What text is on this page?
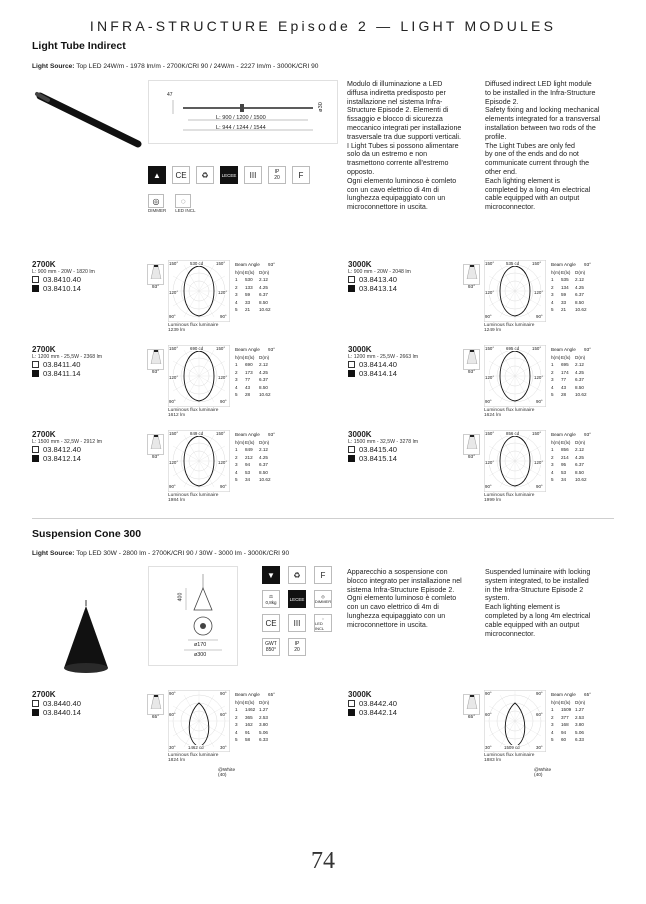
INFRA-STRUCTURE Episode 2 — LIGHT MODULES
Light Tube Indirect
Light Source: Top LED 24W/m - 1978 lm/m - 2700K/CRI 90 / 24W/m - 2227 lm/m - 3000K/CRI 90
47
L: 900 / 1200 / 1500
L: 944 / 1244 / 1544
ø30
▲	CE	♻	LECEE	III	IP
20	F
◎
DIMMER
◌
LED INCL
Modulo di illuminazione a LED
diffusa indiretta predisposto per
installazione nel sistema Infra-
Structure Episode 2. Elementi di
fissaggio e blocco di sicurezza
meccanico integrati per installazione
trasversale tra due supporti verticali.
I Light Tubes si possono alimentare
solo da un estremo e non
trasmettono corrente all'estremo
opposto.
Ogni elemento luminoso è comleto
con un cavo elettrico di 4m di
lunghezza equipaggiato con un
microconnettore in uscita.
Diffused indirect LED light module
to be installed in the Infra-Structure
Episode 2.
Safety fixing and locking mechanical
elements integrated for a transversal
installation between two rods of the
profile.
The Light Tubes are only fed
by one of the ends and do not
communicate current through the
other end.
Each lighting element is
completed by a long 4m electrical
cable equipped with an output
microconnector.
2700K
L: 900 mm - 20W - 1820 lm
03.8410.40
03.8410.14	93°
150°	530 cd	150°
120°	120°
90°	90°
Luminous flux luminaire
1239 lm
Beam Angle 93°
h(m) E(lx) D(m)
1	530	2.12
2	133	4.25
3	59	6.37
4	33	8.50
5	21	10.62
3000K
L: 900 mm - 20W - 2048 lm
03.8413.40
03.8413.14	93°
150°	535 cd	150°
120°	120°
90°	90°
Luminous flux luminaire
1249 lm
Beam Angle 93°
h(m) E(lx) D(m)
1	535	2.12
2	134	4.25
3	59	6.37
4	33	8.50
5	21	10.62
2700K
L: 1200 mm - 25,5W - 2368 lm
03.8411.40
03.8411.14	93°
150°	690 cd	150°
120°	120°
90°	90°
Luminous flux luminaire
1612 lm
Beam Angle 93°
h(m) E(lx) D(m)
1	690	2.12
2	173	4.25
3	77	6.37
4	43	8.50
5	28	10.62
3000K
L: 1200 mm - 25,5W - 2663 lm
03.8414.40
03.8414.14	93°
150°	695 cd	150°
120°	120°
90°	90°
Luminous flux luminaire
1624 lm
Beam Angle 93°
h(m) E(lx) D(m)
1	695	2.12
2	174	4.25
3	77	6.37
4	43	8.50
5	28	10.62
2700K
L: 1500 mm - 32,5W - 2912 lm
03.8412.40
03.8412.14	93°
150°	849 cd	150°
120°	120°
90°	90°
Luminous flux luminaire
1984 lm
Beam Angle 93°
h(m) E(lx) D(m)
1	849	2.12
2	212	4.25
3	94	6.37
4	53	8.50
5	34	10.62
3000K
L: 1500 mm - 32,5W - 3278 lm
03.8415.40
03.8415.14	93°
150°	856 cd	150°
120°	120°
90°	90°
Luminous flux luminaire
1999 lm
Beam Angle 93°
h(m) E(lx) D(m)
1	856	2.12
2	214	4.25
3	95	6.37
4	53	8.50
5	34	10.62
Suspension Cone 300
Light Source: Top LED 30W - 2800 lm - 2700K/CRI 90 / 30W - 3000 lm - 3000K/CRI 90
400
ø170
ø300
▼	♻	F
⚖
0,8kg
LECEE	◎
DIMMER
CE	III
◌
LED INCL
GWT
850°
IP
20
Apparecchio a sospensione con
blocco integrato per installazione nel
sistema Infra-Structure Episode 2.
Ogni elemento luminoso è comleto
con un cavo elettrico di 4m di
lunghezza equipaggiato con un
microconnettore in uscita.
Suspended luminaire with locking
system integrated, to be installed
in the Infra-Structure Episode 2
system.
Each lighting element is
completed by a long 4m electrical
cable equipped with an output
microconnector.
2700K
03.8440.40
03.8440.14
65°
90°	90°
60°	60°
30°	1462 cd	30°
Luminous flux luminaire
1824 lm
Beam Angle 65°
h(m) E(lx) D(m)
1	1462 1.27
2	365	2.53
3	162	3.80
4	91	5.06
5	58	6.33
@White (40)
3000K
03.8442.40
03.8442.14
65°
90°	90°
60°	60°
30°	1509 cd	30°
Luminous flux luminaire
1883 lm
Beam Angle 65°
h(m) E(lx) D(m)
1	1509 1.27
2	377	2.53
3	168	3.80
4	94	5.06
5	60	6.33
@White (40)
74
